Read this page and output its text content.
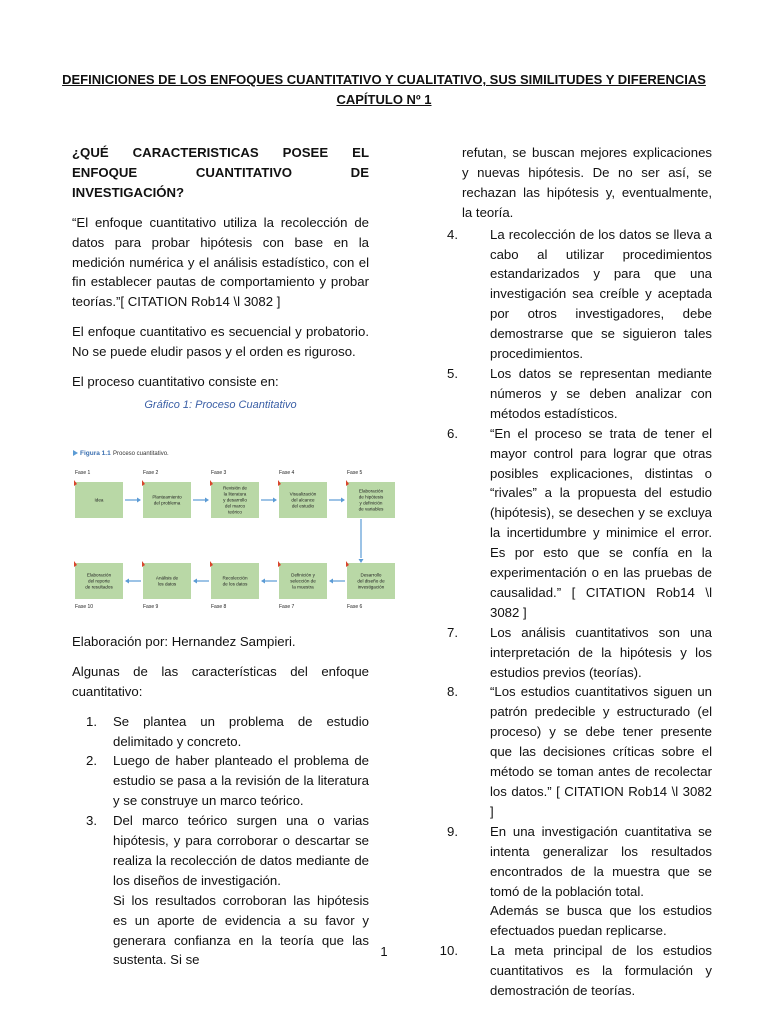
DEFINICIONES DE LOS ENFOQUES CUANTITATIVO Y CUALITATIVO, SUS SIMILITUDES Y DIFERENCIAS
CAPÍTULO Nº 1

¿QUÉ CARACTERISTICAS POSEE EL ENFOQUE CUANTITATIVO DE INVESTIGACIÓN?

“El enfoque cuantitativo utiliza la recolección de datos para probar hipótesis con base en la medición numérica y el análisis estadístico, con el fin establecer pautas de comportamiento y probar teorías.”[ CITATION Rob14 \l 3082 ]

El enfoque cuantitativo es secuencial y probatorio. No se puede eludir pasos y el orden es riguroso.

El proceso cuantitativo consiste en:

Gráfico 1: Proceso Cuantitativo
Figura 1.1 Proceso cuantitativo.
Fase 1
Idea
Fase 2
Planteamiento
del problema
Fase 3
Revisión de
la literatura
y desarrollo
del marco
teórico
Fase 4
Visualización
del alcance
del estudio
Fase 5
Elaboración
de hipótesis
y definición
de variables
Fase 10
Elaboración
del reporte
de resultados
Fase 9
Análisis de
los datos
Fase 8
Recolección
de los datos
Fase 7
Definición y
selección de
la muestra
Fase 6
Desarrollo
del diseño de
investigación

Elaboración por: Hernandez Sampieri.

Algunas de las características del enfoque cuantitativo:

1. Se plantea un problema de estudio delimitado y concreto.
2. Luego de haber planteado el problema de estudio se pasa a la revisión de la literatura y se construye un marco teórico.
3. Del marco teórico surgen una o varias hipótesis, y para corroborar o descartar se realiza la recolección de datos mediante de los diseños de investigación.
Si los resultados corroboran las hipótesis es un aporte de evidencia a su favor y generara confianza en la teoría que las sustenta. Si se
refutan, se buscan mejores explicaciones y nuevas hipótesis. De no ser así, se rechazan las hipótesis y, eventualmente, la teoría.
4. La recolección de los datos se lleva a cabo al utilizar procedimientos estandarizados y para que una investigación sea creíble y aceptada por otros investigadores, debe demostrarse que se siguieron tales procedimientos.
5. Los datos se representan mediante números y se deben analizar con métodos estadísticos.
6. “En el proceso se trata de tener el mayor control para lograr que otras posibles explicaciones, distintas o “rivales” a la propuesta del estudio (hipótesis), se desechen y se excluya la incertidumbre y minimice el error. Es por esto que se confía en la experimentación o en las pruebas de causalidad.” [ CITATION Rob14 \l 3082 ]
7. Los análisis cuantitativos son una interpretación de la hipótesis y los estudios previos (teorías).
8. “Los estudios cuantitativos siguen un patrón predecible y estructurado (el proceso) y se debe tener presente que las decisiones críticas sobre el método se toman antes de recolectar los datos.” [ CITATION Rob14 \l 3082 ]
9. En una investigación cuantitativa se intenta generalizar los resultados encontrados de la muestra que se tomó de la población total.
Además se busca que los estudios efectuados puedan replicarse.
10. La meta principal de los estudios cuantitativos es la formulación y demostración de teorías.
1
